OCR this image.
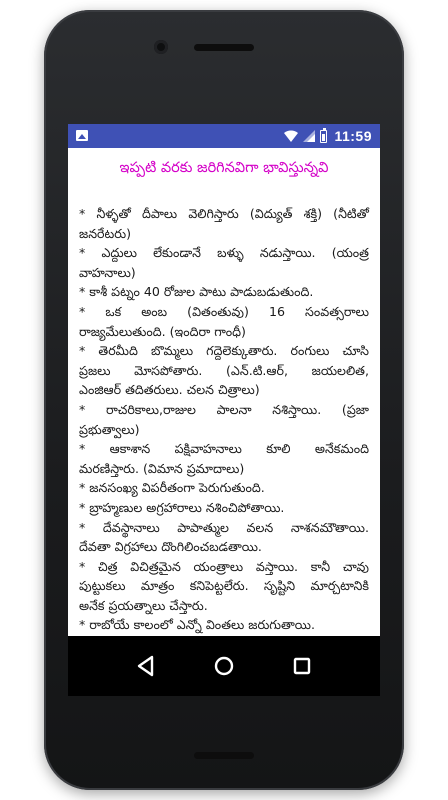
11:59
ఇప్పటి వరకు జరిగినవిగా భావిస్తున్నవి
* నీళ్ళతో దీపాలు వెలిగిస్తారు (విద్యుత్ శక్తి) (నీటితో
జనరేటరు)
* ఎద్దులు లేకుండానే బళ్ళు నడుస్తాయి. (యంత్ర
వాహనాలు)
* కాశీ పట్నం 40 రోజుల పాటు పాడుబడుతుంది.
* ఒక అంబ (వితంతువు) 16 సంవత్సరాలు
రాజ్యమేలుతుంది. (ఇందిరా గాంధీ)
* తెరమీది బొమ్మలు గద్దెలెక్కుతారు. రంగులు చూసి
ప్రజలు మోసపోతారు. (ఎన్.టి.ఆర్, జయలలిత,
ఎంజిఆర్ తదితరులు. చలన చిత్రాలు)
* రాచరికాలు,రాజుల పాలనా నశిస్తాయి. (ప్రజా
ప్రభుత్వాలు)
* ఆకాశాన పక్షివాహనాలు కూలి అనేకమంది
మరణిస్తారు. (విమాన ప్రమాదాలు)
* జనసంఖ్య విపరీతంగా పెరుగుతుంది.
* బ్రాహ్మణుల అగ్రహారాలు నశించిపోతాయి.
* దేవస్థానాలు పాపాత్ముల వలన నాశనమౌతాయి.
దేవతా విగ్రహాలు దొంగిలించబడతాయి.
* చిత్ర విచిత్రమైన యంత్రాలు వస్తాయి. కానీ చావు
పుట్టుకలు మాత్రం కనిపెట్టలేరు. సృష్టిని మార్చటానికి
అనేక ప్రయత్నాలు చేస్తారు.
* రాబోయే కాలంలో ఎన్నో వింతలు జరుగుతాయి.
